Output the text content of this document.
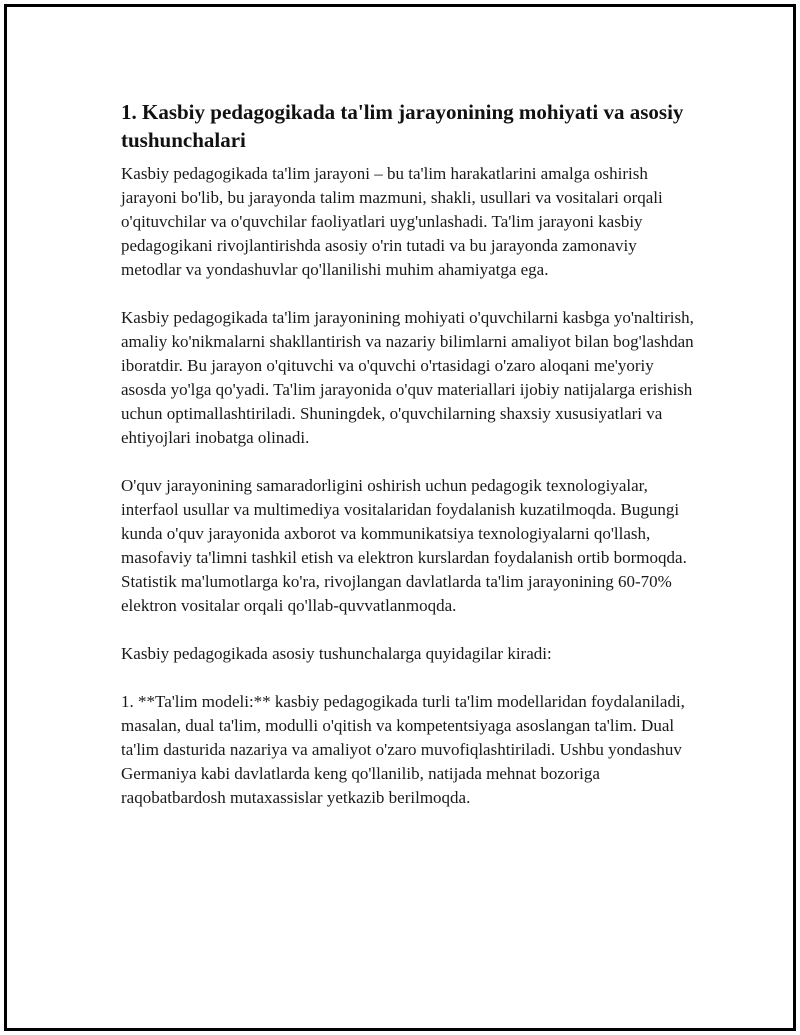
1. Kasbiy pedagogikada ta'lim jarayonining mohiyati va asosiy tushunchalari

Kasbiy pedagogikada ta'lim jarayoni – bu ta'lim harakatlarini amalga oshirish jarayoni bo'lib, bu jarayonda talim mazmuni, shakli, usullari va vositalari orqali o'qituvchilar va o'quvchilar faoliyatlari uyg'unlashadi. Ta'lim jarayoni kasbiy pedagogikani rivojlantirishda asosiy o'rin tutadi va bu jarayonda zamonaviy metodlar va yondashuvlar qo'llanilishi muhim ahamiyatga ega.

Kasbiy pedagogikada ta'lim jarayonining mohiyati o'quvchilarni kasbga yo'naltirish, amaliy ko'nikmalarni shakllantirish va nazariy bilimlarni amaliyot bilan bog'lashdan iboratdir. Bu jarayon o'qituvchi va o'quvchi o'rtasidagi o'zaro aloqani me'yoriy asosda yo'lga qo'yadi. Ta'lim jarayonida o'quv materiallari ijobiy natijalarga erishish uchun optimallashtiriladi. Shuningdek, o'quvchilarning shaxsiy xususiyatlari va ehtiyojlari inobatga olinadi.

O'quv jarayonining samaradorligini oshirish uchun pedagogik texnologiyalar, interfaol usullar va multimediya vositalaridan foydalanish kuzatilmoqda. Bugungi kunda o'quv jarayonida axborot va kommunikatsiya texnologiyalarni qo'llash, masofaviy ta'limni tashkil etish va elektron kurslardan foydalanish ortib bormoqda. Statistik ma'lumotlarga ko'ra, rivojlangan davlatlarda ta'lim jarayonining 60-70% elektron vositalar orqali qo'llab-quvvatlanmoqda.

Kasbiy pedagogikada asosiy tushunchalarga quyidagilar kiradi:

1. **Ta'lim modeli:** kasbiy pedagogikada turli ta'lim modellaridan foydalaniladi, masalan, dual ta'lim, modulli o'qitish va kompetentsiyaga asoslangan ta'lim. Dual ta'lim dasturida nazariya va amaliyot o'zaro muvofiqlashtiriladi. Ushbu yondashuv Germaniya kabi davlatlarda keng qo'llanilib, natijada mehnat bozoriga raqobatbardosh mutaxassislar yetkazib berilmoqda.
